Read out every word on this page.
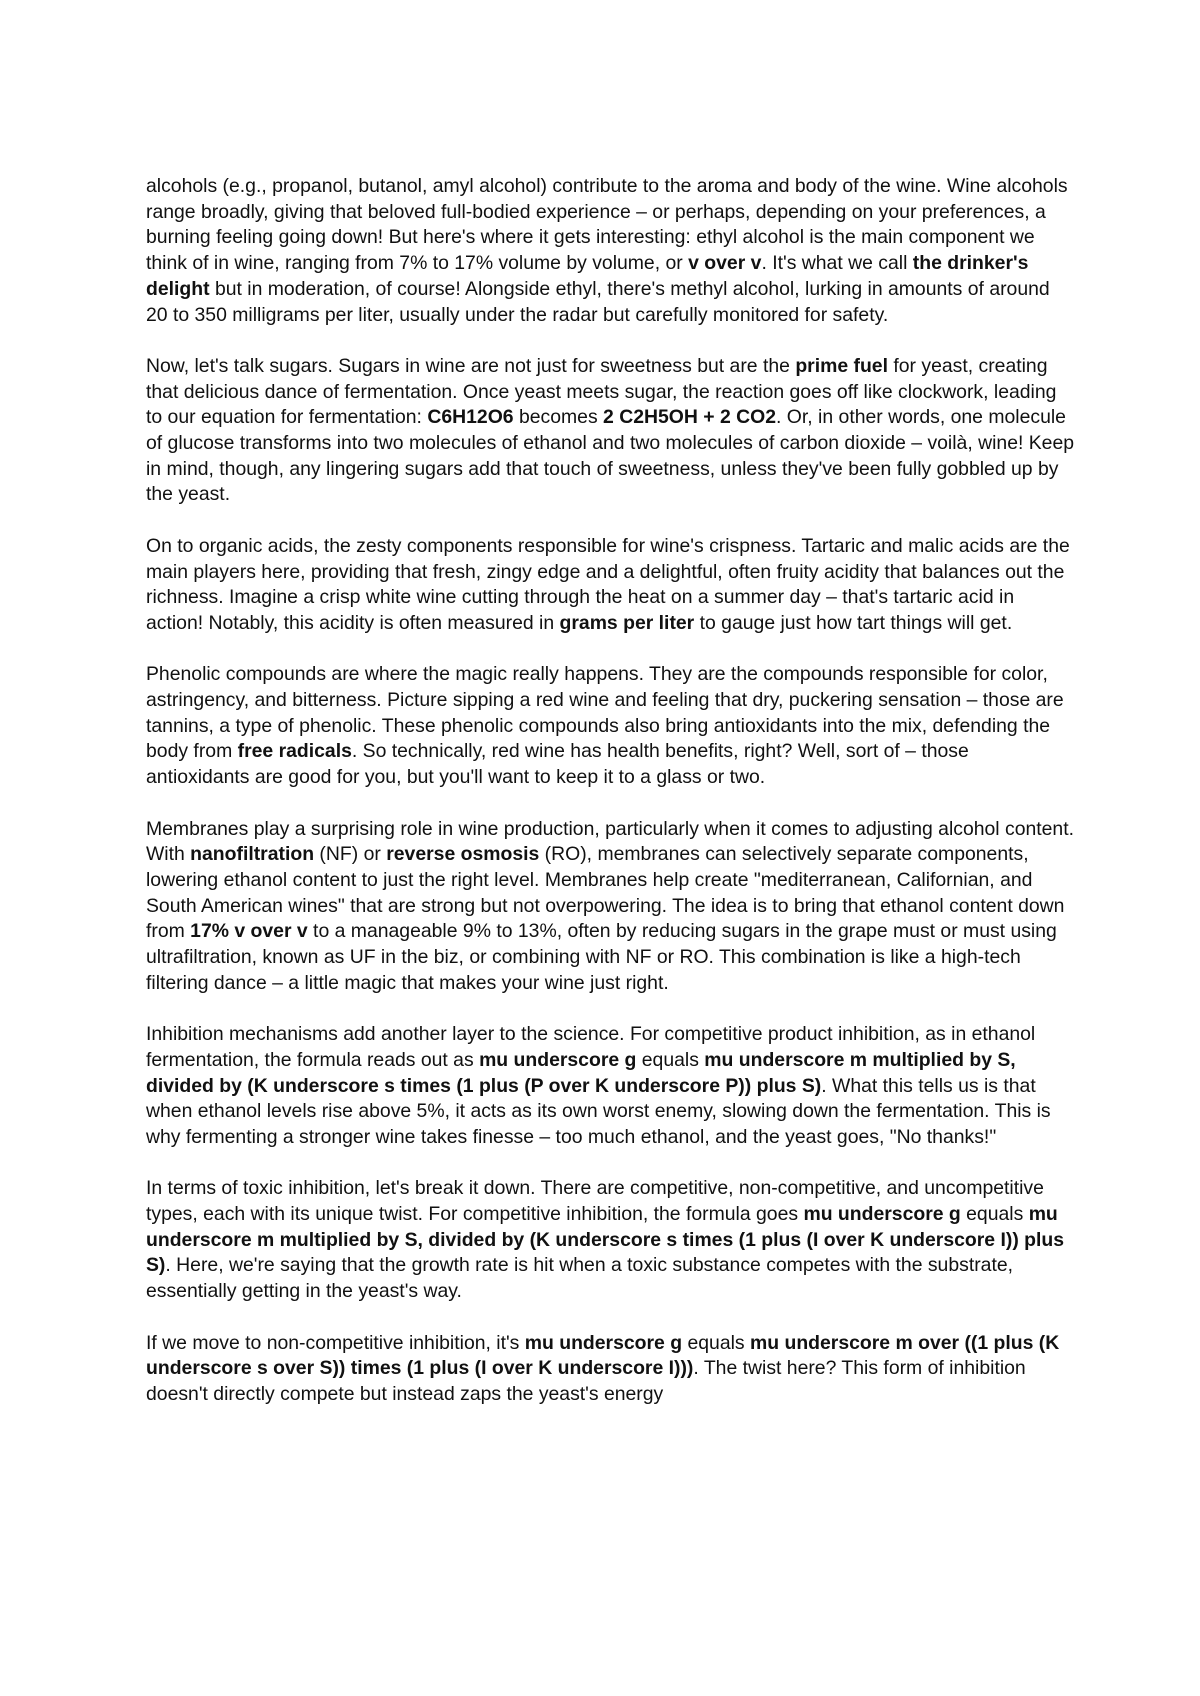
alcohols (e.g., propanol, butanol, amyl alcohol) contribute to the aroma and body of the wine. Wine alcohols range broadly, giving that beloved full-bodied experience – or perhaps, depending on your preferences, a burning feeling going down! But here's where it gets interesting: ethyl alcohol is the main component we think of in wine, ranging from 7% to 17% volume by volume, or v over v. It's what we call the drinker's delight but in moderation, of course! Alongside ethyl, there's methyl alcohol, lurking in amounts of around 20 to 350 milligrams per liter, usually under the radar but carefully monitored for safety.

Now, let's talk sugars. Sugars in wine are not just for sweetness but are the prime fuel for yeast, creating that delicious dance of fermentation. Once yeast meets sugar, the reaction goes off like clockwork, leading to our equation for fermentation: C6H12O6 becomes 2 C2H5OH + 2 CO2. Or, in other words, one molecule of glucose transforms into two molecules of ethanol and two molecules of carbon dioxide – voilà, wine! Keep in mind, though, any lingering sugars add that touch of sweetness, unless they've been fully gobbled up by the yeast.

On to organic acids, the zesty components responsible for wine's crispness. Tartaric and malic acids are the main players here, providing that fresh, zingy edge and a delightful, often fruity acidity that balances out the richness. Imagine a crisp white wine cutting through the heat on a summer day – that's tartaric acid in action! Notably, this acidity is often measured in grams per liter to gauge just how tart things will get.

Phenolic compounds are where the magic really happens. They are the compounds responsible for color, astringency, and bitterness. Picture sipping a red wine and feeling that dry, puckering sensation – those are tannins, a type of phenolic. These phenolic compounds also bring antioxidants into the mix, defending the body from free radicals. So technically, red wine has health benefits, right? Well, sort of – those antioxidants are good for you, but you'll want to keep it to a glass or two.

Membranes play a surprising role in wine production, particularly when it comes to adjusting alcohol content. With nanofiltration (NF) or reverse osmosis (RO), membranes can selectively separate components, lowering ethanol content to just the right level. Membranes help create "mediterranean, Californian, and South American wines" that are strong but not overpowering. The idea is to bring that ethanol content down from 17% v over v to a manageable 9% to 13%, often by reducing sugars in the grape must or must using ultrafiltration, known as UF in the biz, or combining with NF or RO. This combination is like a high-tech filtering dance – a little magic that makes your wine just right.

Inhibition mechanisms add another layer to the science. For competitive product inhibition, as in ethanol fermentation, the formula reads out as mu underscore g equals mu underscore m multiplied by S, divided by (K underscore s times (1 plus (P over K underscore P)) plus S). What this tells us is that when ethanol levels rise above 5%, it acts as its own worst enemy, slowing down the fermentation. This is why fermenting a stronger wine takes finesse – too much ethanol, and the yeast goes, "No thanks!"

In terms of toxic inhibition, let's break it down. There are competitive, non-competitive, and uncompetitive types, each with its unique twist. For competitive inhibition, the formula goes mu underscore g equals mu underscore m multiplied by S, divided by (K underscore s times (1 plus (I over K underscore I)) plus S). Here, we're saying that the growth rate is hit when a toxic substance competes with the substrate, essentially getting in the yeast's way.

If we move to non-competitive inhibition, it's mu underscore g equals mu underscore m over ((1 plus (K underscore s over S)) times (1 plus (I over K underscore I))). The twist here? This form of inhibition doesn't directly compete but instead zaps the yeast's energy
